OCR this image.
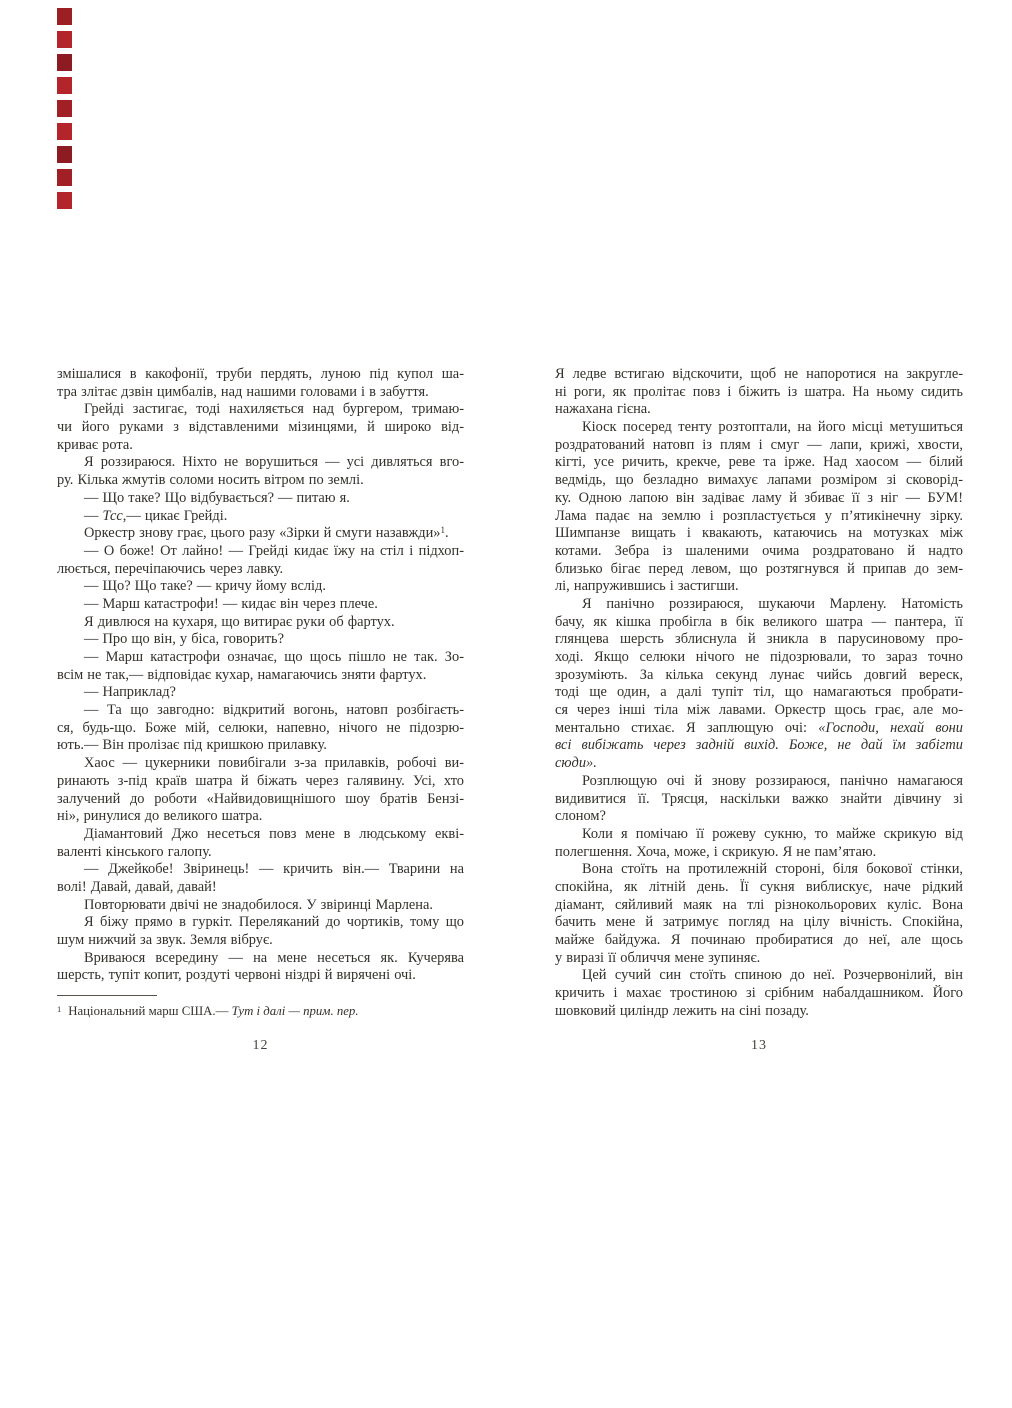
змішалися в какофонії, труби пердять, луною під купол ша-
тра злітає дзвін цимбалів, над нашими головами і в забуття.
Грейді застигає, тоді нахиляється над бургером, тримаю-
чи його руками з відставленими мізинцями, й широко від-
криває рота.
Я роззираюся. Ніхто не ворушиться — усі дивляться вго-
ру. Кілька жмутів соломи носить вітром по землі.
— Що таке? Що відбувається? — питаю я.
— Тсс,— цикає Грейді.
Оркестр знову грає, цього разу «Зірки й смуги назавжди»$^1$.
— О боже! От лайно! — Грейді кидає їжу на стіл і підхоп-
люється, перечіпаючись через лавку.
— Що? Що таке? — кричу йому вслід.
— Марш катастрофи! — кидає він через плече.
Я дивлюся на кухаря, що витирає руки об фартух.
— Про що він, у біса, говорить?
— Марш катастрофи означає, що щось пішло не так. Зо-
всім не так,— відповідає кухар, намагаючись зняти фартух.
— Наприклад?
— Та що завгодно: відкритий вогонь, натовп розбігаєть-
ся, будь-що. Боже мій, селюки, напевно, нічого не підозрю-
ють.— Він пролізає під кришкою прилавку.
Хаос — цукерники повибігали з-за прилавків, робочі ви-
ринають з-під країв шатра й біжать через галявину. Усі, хто
залучений до роботи «Найвидовищнішого шоу братів Бензі-
ні», ринулися до великого шатра.
Діамантовий Джо несеться повз мене в людському екві-
валенті кінського галопу.
— Джейкобе! Звіринець! — кричить він.— Тварини на
волі! Давай, давай, давай!
Повторювати двічі не знадобилося. У звіринці Марлена.
Я біжу прямо в гуркіт. Переляканий до чортиків, тому що
шум нижчий за звук. Земля вібрує.
Вриваюся всередину — на мене несеться як. Кучерява
шерсть, тупіт копит, роздуті червоні ніздрі й вирячені очі.
$^1$ Національний марш США.— Тут і далі — прим. пер.
12
Я ледве встигаю відскочити, щоб не напоротися на закругле-
ні роги, як пролітає повз і біжить із шатра. На ньому сидить
нажахана гієна.
Кіоск посеред тенту розтоптали, на його місці метушиться
роздратований натовп із плям і смуг — лапи, крижі, хвости,
кігті, усе ричить, крекче, реве та ірже. Над хаосом — білий
ведмідь, що безладно вимахує лапами розміром зі сковорід-
ку. Одною лапою він задіває ламу й збиває її з ніг — БУМ!
Лама падає на землю і розпластується у п’ятикінечну зірку.
Шимпанзе вищать і квакають, катаючись на мотузках між
котами. Зебра із шаленими очима роздратовано й надто
близько бігає перед левом, що розтягнувся й припав до зем-
лі, напружившись і застигши.
Я панічно роззираюся, шукаючи Марлену. Натомість
бачу, як кішка пробігла в бік великого шатра — пантера, її
глянцева шерсть зблиснула й зникла в парусиновому про-
ході. Якщо селюки нічого не підозрювали, то зараз точно
зрозуміють. За кілька секунд лунає чийсь довгий вереск,
тоді ще один, а далі тупіт тіл, що намагаються пробрати-
ся через інші тіла між лавами. Оркестр щось грає, але мо-
ментально стихає. Я заплющую очі: «Господи, нехай вони
всі вибіжать через задній вихід. Боже, не дай їм забігти
сюди».
Розплющую очі й знову роззираюся, панічно намагаюся
видивитися її. Трясця, наскільки важко знайти дівчину зі
слоном?
Коли я помічаю її рожеву сукню, то майже скрикую від
полегшення. Хоча, може, і скрикую. Я не пам’ятаю.
Вона стоїть на протилежній стороні, біля бокової стінки,
спокійна, як літній день. Її сукня виблискує, наче рідкий
діамант, сяйливий маяк на тлі різнокольорових куліс. Вона
бачить мене й затримує погляд на цілу вічність. Спокійна,
майже байдужа. Я починаю пробиратися до неї, але щось
у виразі її обличчя мене зупиняє.
Цей сучий син стоїть спиною до неї. Розчервонілий, він
кричить і махає тростиною зі срібним набалдашником. Його
шовковий циліндр лежить на сіні позаду.
13
